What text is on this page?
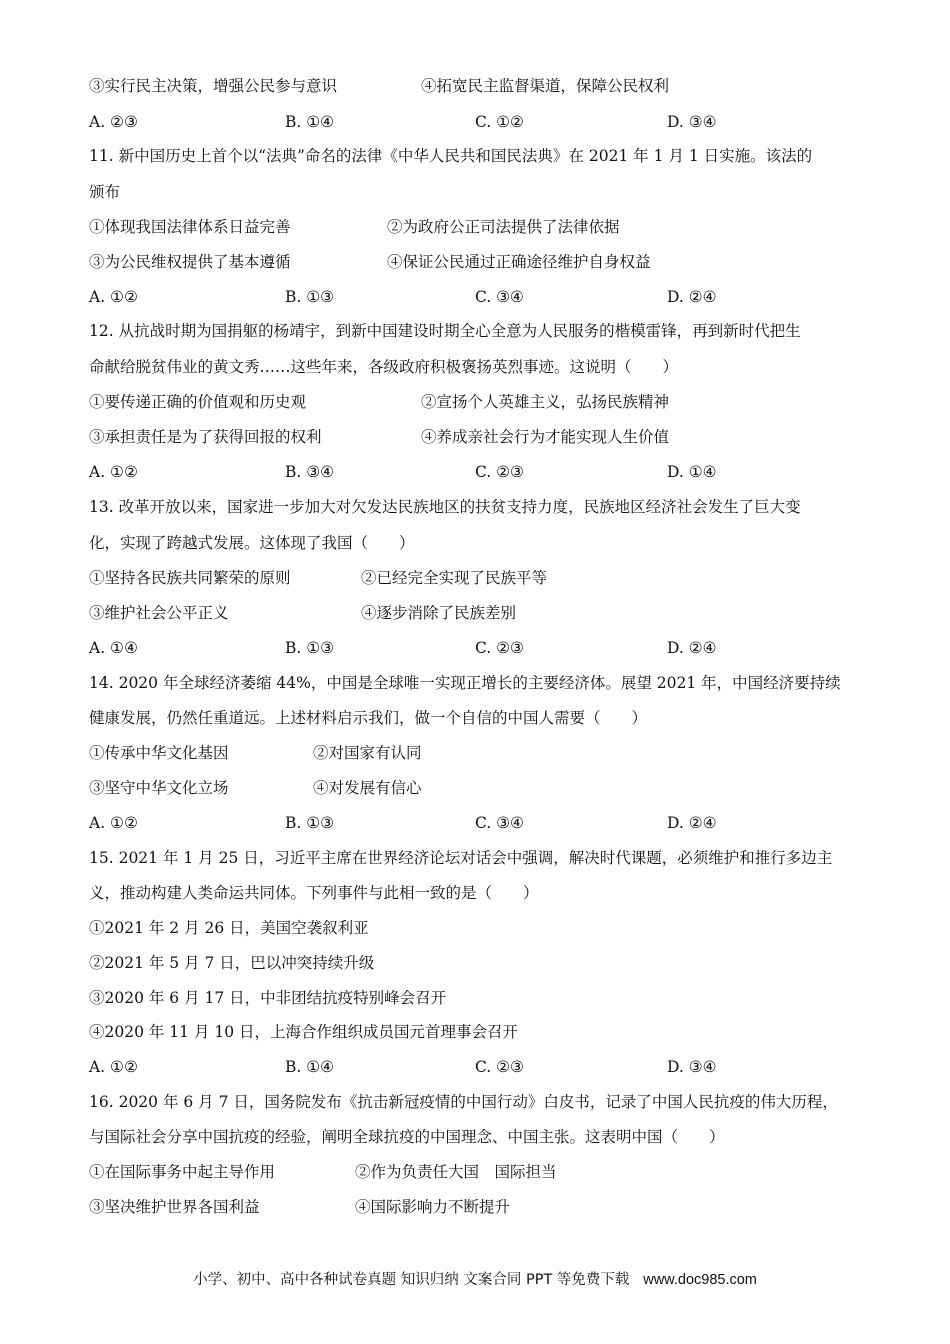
③实行民主决策，增强公民参与意识	④拓宽民主监督渠道，保障公民权利
A. ②③	B. ①④	C. ①②	D. ③④
11. 新中国历史上首个以“法典”命名的法律《中华人民共和国民法典》在 2021 年 1 月 1 日实施。该法的
颁布
①体现我国法律体系日益完善	②为政府公正司法提供了法律依据
③为公民维权提供了基本遵循	④保证公民通过正确途径维护自身权益
A. ①②	B. ①③	C. ③④	D. ②④
12. 从抗战时期为国捐躯的杨靖宇，到新中国建设时期全心全意为人民服务的楷模雷锋，再到新时代把生
命献给脱贫伟业的黄文秀……这些年来，各级政府积极褒扬英烈事迹。这说明（　　）
①要传递正确的价值观和历史观	②宣扬个人英雄主义，弘扬民族精神
③承担责任是为了获得回报的权利	④养成亲社会行为才能实现人生价值
A. ①②	B. ③④	C. ②③	D. ①④
13. 改革开放以来，国家进一步加大对欠发达民族地区的扶贫支持力度，民族地区经济社会发生了巨大变
化，实现了跨越式发展。这体现了我国（　　）
①坚持各民族共同繁荣的原则	②已经完全实现了民族平等
③维护社会公平正义	④逐步消除了民族差别
A. ①④	B. ①③	C. ②③	D. ②④
14. 2020 年全球经济萎缩 44%，中国是全球唯一实现正增长的主要经济体。展望 2021 年，中国经济要持续
健康发展，仍然任重道远。上述材料启示我们，做一个自信的中国人需要（　　）
①传承中华文化基因	②对国家有认同
③坚守中华文化立场	④对发展有信心
A. ①②	B. ①③	C. ③④	D. ②④
15. 2021 年 1 月 25 日，习近平主席在世界经济论坛对话会中强调，解决时代课题，必须维护和推行多边主
义，推动构建人类命运共同体。下列事件与此相一致的是（　　）
①2021 年 2 月 26 日，美国空袭叙利亚
②2021 年 5 月 7 日，巴以冲突持续升级
③2020 年 6 月 17 日，中非团结抗疫特别峰会召开
④2020 年 11 月 10 日，上海合作组织成员国元首理事会召开
A. ①②	B. ①④	C. ②③	D. ③④
16. 2020 年 6 月 7 日，国务院发布《抗击新冠疫情的中国行动》白皮书，记录了中国人民抗疫的伟大历程，
与国际社会分享中国抗疫的经验，阐明全球抗疫的中国理念、中国主张。这表明中国（　　）
①在国际事务中起主导作用	②作为负责任大国　国际担当
③坚决维护世界各国利益	④国际影响力不断提升
小学、初中、高中各种试卷真题 知识归纳 文案合同 PPT 等免费下载 www.doc985.com
